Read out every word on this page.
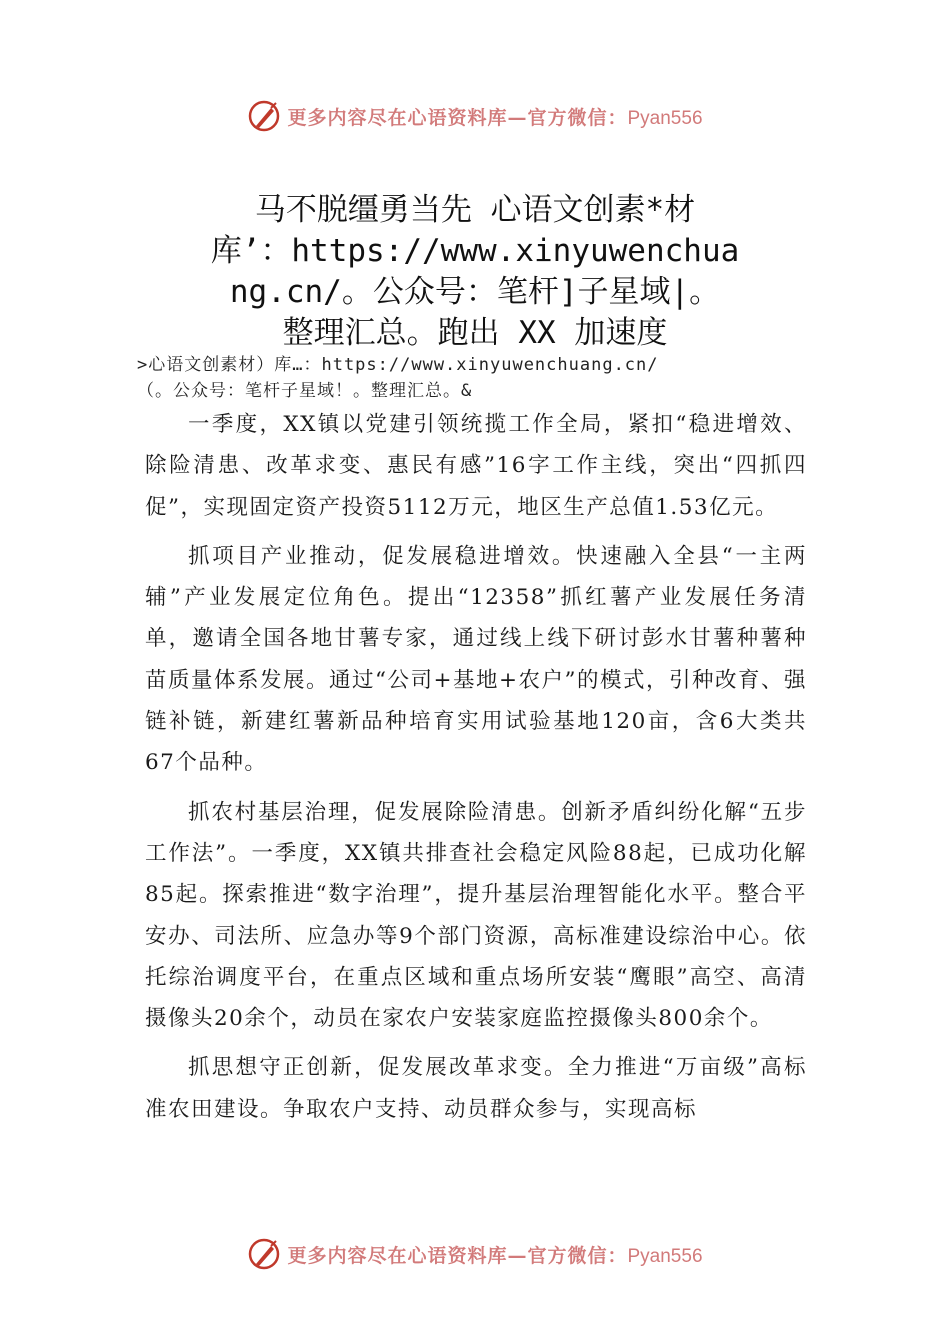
更多内容尽在心语资料库—官方微信：Pyan556
马不脱缰勇当先 心语文创素*材
库’：https://www.xinyuwenchua
ng.cn/。公众号：笔杆]子星域|。
整理汇总。跑出 XX 加速度
>心语文创素材）库…：https://www.xinyuwenchuang.cn/
（。公众号：笔杆子星域！。整理汇总。&

一季度，XX镇以党建引领统揽工作全局，紧扣“稳进增效、除险清患、改革求变、惠民有感”16字工作主线，突出“四抓四促”，实现固定资产投资5112万元，地区生产总值1.53亿元。

抓项目产业推动，促发展稳进增效。快速融入全县“一主两辅”产业发展定位角色。提出“12358”抓红薯产业发展任务清单，邀请全国各地甘薯专家，通过线上线下研讨彭水甘薯种薯种苗质量体系发展。通过“公司+基地+农户”的模式，引种改育、强链补链，新建红薯新品种培育实用试验基地120亩，含6大类共67个品种。

抓农村基层治理，促发展除险清患。创新矛盾纠纷化解“五步工作法”。一季度，XX镇共排查社会稳定风险88起，已成功化解85起。探索推进“数字治理”，提升基层治理智能化水平。整合平安办、司法所、应急办等9个部门资源，高标准建设综治中心。依托综治调度平台，在重点区域和重点场所安装“鹰眼”高空、高清摄像头20余个，动员在家农户安装家庭监控摄像头800余个。

抓思想守正创新，促发展改革求变。全力推进“万亩级”高标准农田建设。争取农户支持、动员群众参与，实现高标

更多内容尽在心语资料库—官方微信：Pyan556
